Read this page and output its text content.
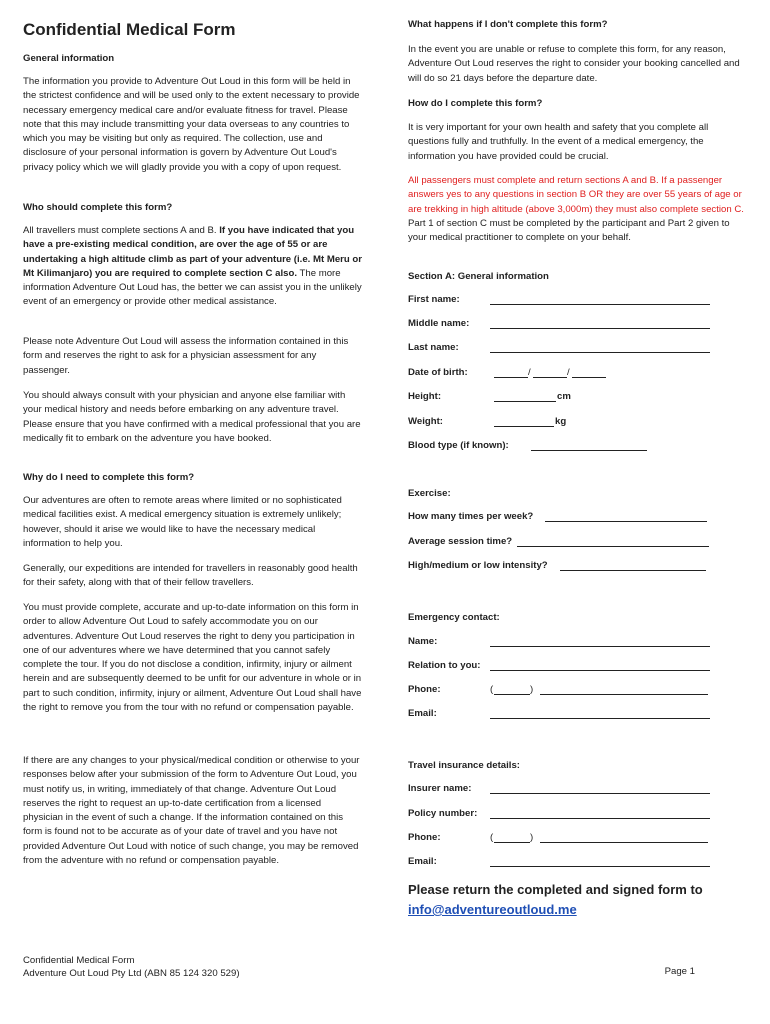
Confidential Medical Form

General information

The information you provide to Adventure Out Loud in this form will be held in the strictest confidence and will be used only to the extent necessary to provide necessary emergency medical care and/or evaluate fitness for travel. Please note that this may include transmitting your data overseas to any countries to which you may be visiting but only as required. The collection, use and disclosure of your personal information is govern by Adventure Out Loud's privacy policy which we will gladly provide you with a copy of upon request.

Who should complete this form?

All travellers must complete sections A and B. If you have indicated that you have a pre-existing medical condition, are over the age of 55 or are undertaking a high altitude climb as part of your adventure (i.e. Mt Meru or Mt Kilimanjaro) you are required to complete section C also. The more information Adventure Out Loud has, the better we can assist you in the unlikely event of an emergency or provide other medical assistance.

Please note Adventure Out Loud will assess the information contained in this form and reserves the right to ask for a physician assessment for any passenger.

You should always consult with your physician and anyone else familiar with your medical history and needs before embarking on any adventure travel. Please ensure that you have confirmed with a medical professional that you are medically fit to embark on the adventure you have booked.

Why do I need to complete this form?

Our adventures are often to remote areas where limited or no sophisticated medical facilities exist. A medical emergency situation is extremely unlikely; however, should it arise we would like to have the necessary medical information to help you.

Generally, our expeditions are intended for travellers in reasonably good health for their safety, along with that of their fellow travellers.

You must provide complete, accurate and up-to-date information on this form in order to allow Adventure Out Loud to safely accommodate you on our adventures. Adventure Out Loud reserves the right to deny you participation in one of our adventures where we have determined that you cannot safely complete the tour. If you do not disclose a condition, infirmity, injury or ailment herein and are subsequently deemed to be unfit for our adventure in whole or in part to such condition, infirmity, injury or ailment, Adventure Out Loud shall have the right to remove you from the tour with no refund or compensation payable.

If there are any changes to your physical/medical condition or otherwise to your responses below after your submission of the form to Adventure Out Loud, you must notify us, in writing, immediately of that change. Adventure Out Loud reserves the right to request an up-to-date certification from a licensed physician in the event of such a change. If the information contained on this form is found not to be accurate as of your date of travel and you have not provided Adventure Out Loud with notice of such change, you may be removed from the adventure with no refund or compensation payable.

What happens if I don't complete this form?

In the event you are unable or refuse to complete this form, for any reason, Adventure Out Loud reserves the right to consider your booking cancelled and will do so 21 days before the departure date.

How do I complete this form?

It is very important for your own health and safety that you complete all questions fully and truthfully. In the event of a medical emergency, the information you have provided could be crucial.

All passengers must complete and return sections A and B. If a passenger answers yes to any questions in section B OR they are over 55 years of age or are trekking in high altitude (above 3,000m) they must also complete section C. Part 1 of section C must be completed by the participant and Part 2 given to your medical practitioner to complete on your behalf.

Section A: General information

First name:
Middle name:
Last name:
Date of birth:	/	/
Height:	cm
Weight:	kg
Blood type (if known):
Exercise:
How many times per week?
Average session time?
High/medium or low intensity?
Emergency contact:
Name:
Relation to you:
Phone:	(	)
Email:
Travel insurance details:
Insurer name:
Policy number:
Phone:	(	)
Email:
Please return the completed and signed form to
info@adventureoutloud.me
Confidential Medical Form
Adventure Out Loud Pty Ltd (ABN 85 124 320 529)	Page 1
